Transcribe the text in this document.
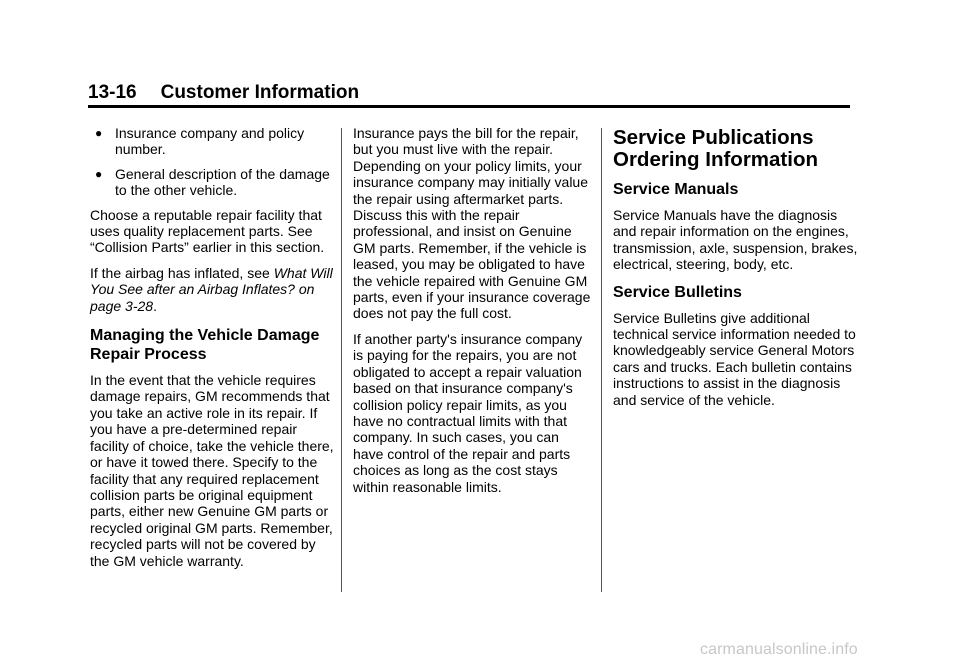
13-16 Customer Information
● Insurance company and policy number.
● General description of the damage to the other vehicle.

Choose a reputable repair facility that uses quality replacement parts. See “Collision Parts” earlier in this section.

If the airbag has inflated, see What Will You See after an Airbag Inflates? on page 3-28.

Managing the Vehicle Damage Repair Process

In the event that the vehicle requires damage repairs, GM recommends that you take an active role in its repair. If you have a pre-determined repair facility of choice, take the vehicle there, or have it towed there. Specify to the facility that any required replacement collision parts be original equipment parts, either new Genuine GM parts or recycled original GM parts. Remember, recycled parts will not be covered by the GM vehicle warranty.

Insurance pays the bill for the repair, but you must live with the repair. Depending on your policy limits, your insurance company may initially value the repair using aftermarket parts. Discuss this with the repair professional, and insist on Genuine GM parts. Remember, if the vehicle is leased, you may be obligated to have the vehicle repaired with Genuine GM parts, even if your insurance coverage does not pay the full cost.

If another party's insurance company is paying for the repairs, you are not obligated to accept a repair valuation based on that insurance company's collision policy repair limits, as you have no contractual limits with that company. In such cases, you can have control of the repair and parts choices as long as the cost stays within reasonable limits.

Service Publications Ordering Information
Service Manuals

Service Manuals have the diagnosis and repair information on the engines, transmission, axle, suspension, brakes, electrical, steering, body, etc.

Service Bulletins

Service Bulletins give additional technical service information needed to knowledgeably service General Motors cars and trucks. Each bulletin contains instructions to assist in the diagnosis and service of the vehicle.

carmanualsonline.info
